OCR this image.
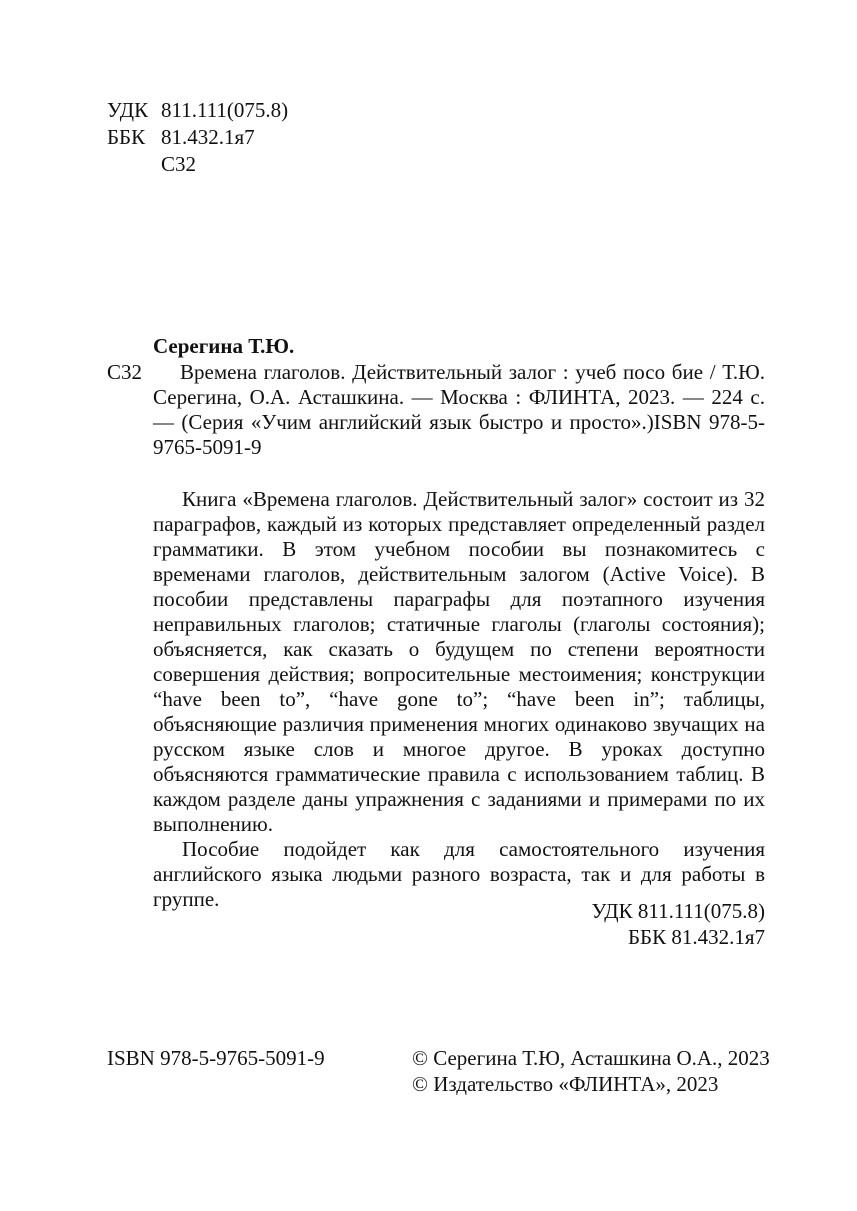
УДК 811.111(075.8)
ББК 81.432.1я7
С32
Серегина Т.Ю.
С32	Времена глаголов. Действительный залог : учеб посо бие / Т.Ю. Серегина, О.А. Асташкина. — Москва : ФЛИНТА, 2023. — 224 с. — (Серия «Учим английский язык быстро и просто».)ISBN 978-5-9765-5091-9

Книга «Времена глаголов. Действительный залог» состоит из 32 параграфов, каждый из которых представляет определенный раздел грамматики. В этом учебном пособии вы познакомитесь с временами глаголов, действительным залогом (Active Voice). В пособии представлены параграфы для поэтапного изучения неправильных глаголов; статичные глаголы (глаголы состояния); объясняется, как сказать о будущем по степени вероятности совершения действия; вопросительные местоимения; конструкции “have been to”, “have gone to”; “have been in”; таблицы, объясняющие различия применения многих одинаково звучащих на русском языке слов и многое другое. В уроках доступно объясняются грамматические правила с использованием таблиц. В каждом разделе даны упражнения с заданиями и примерами по их выполнению.

Пособие подойдет как для самостоятельного изучения английского языка людьми разного возраста, так и для работы в группе.	УДК 811.111(075.8)
ББК 81.432.1я7
ISBN 978-5-9765-5091-9	© Серегина Т.Ю, Асташкина О.А., 2023
© Издательство «ФЛИНТА», 2023
